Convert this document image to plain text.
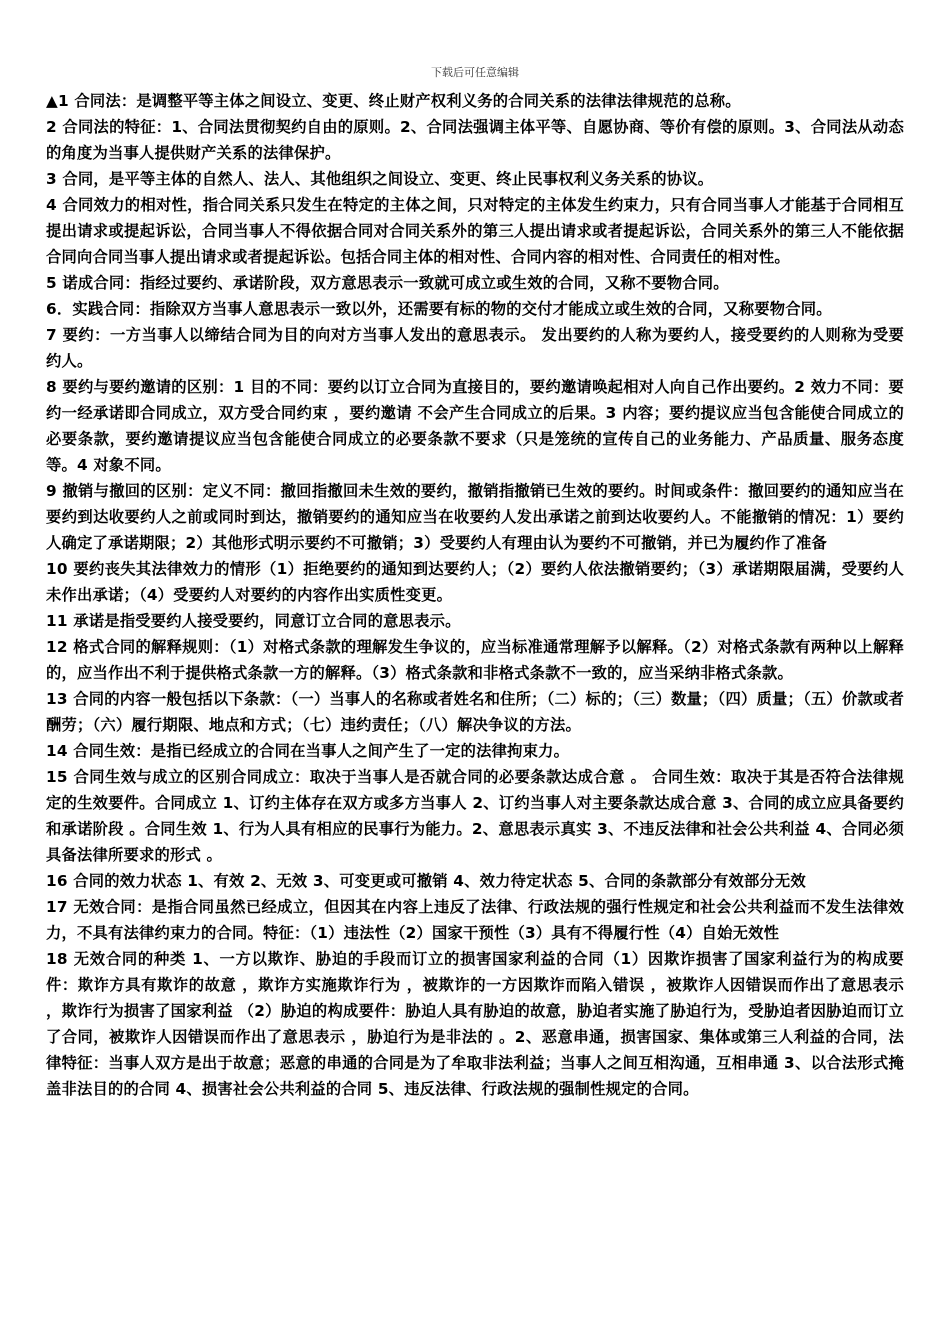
下载后可任意编辑

▲1 合同法：是调整平等主体之间设立、变更、终止财产权利义务的合同关系的法律法律规范的总称。

2 合同法的特征：1、合同法贯彻契约自由的原则。2、合同法强调主体平等、自愿协商、等价有偿的原则。3、合同法从动态的角度为当事人提供财产关系的法律保护。

3 合同，是平等主体的自然人、法人、其他组织之间设立、变更、终止民事权利义务关系的协议。

4 合同效力的相对性，指合同关系只发生在特定的主体之间，只对特定的主体发生约束力，只有合同当事人才能基于合同相互提出请求或提起诉讼，合同当事人不得依据合同对合同关系外的第三人提出请求或者提起诉讼，合同关系外的第三人不能依据合同向合同当事人提出请求或者提起诉讼。包括合同主体的相对性、合同内容的相对性、合同责任的相对性。

5 诺成合同：指经过要约、承诺阶段，双方意思表示一致就可成立或生效的合同，又称不要物合同。

6．实践合同：指除双方当事人意思表示一致以外，还需要有标的物的交付才能成立或生效的合同，又称要物合同。

7 要约：一方当事人以缔结合同为目的向对方当事人发出的意思表示。 发出要约的人称为要约人，接受要约的人则称为受要约人。

8 要约与要约邀请的区别：1 目的不同：要约以订立合同为直接目的，要约邀请唤起相对人向自己作出要约。2 效力不同：要约一经承诺即合同成立，双方受合同约束 ，要约邀请 不会产生合同成立的后果。3 内容；要约提议应当包含能使合同成立的必要条款，要约邀请提议应当包含能使合同成立的必要条款不要求（只是笼统的宣传自己的业务能力、产品质量、服务态度等。4 对象不同。

9 撤销与撤回的区别：定义不同：撤回指撤回未生效的要约，撤销指撤销已生效的要约。时间或条件：撤回要约的通知应当在要约到达收要约人之前或同时到达，撤销要约的通知应当在收要约人发出承诺之前到达收要约人。不能撤销的情况：1）要约人确定了承诺期限；2）其他形式明示要约不可撤销；3）受要约人有理由认为要约不可撤销，并已为履约作了准备

10 要约丧失其法律效力的情形（1）拒绝要约的通知到达要约人；（2）要约人依法撤销要约；（3）承诺期限届满，受要约人未作出承诺；（4）受要约人对要约的内容作出实质性变更。

11 承诺是指受要约人接受要约，同意订立合同的意思表示。

12 格式合同的解释规则：（1）对格式条款的理解发生争议的，应当标准通常理解予以解释。（2）对格式条款有两种以上解释的，应当作出不利于提供格式条款一方的解释。（3）格式条款和非格式条款不一致的，应当采纳非格式条款。

13 合同的内容一般包括以下条款：（一）当事人的名称或者姓名和住所；（二）标的；（三）数量；（四）质量；（五）价款或者酬劳；（六）履行期限、地点和方式；（七）违约责任；（八）解决争议的方法。

14 合同生效：是指已经成立的合同在当事人之间产生了一定的法律拘束力。

15 合同生效与成立的区别合同成立：取决于当事人是否就合同的必要条款达成合意 。 合同生效：取决于其是否符合法律规定的生效要件。合同成立 1、订约主体存在双方或多方当事人 2、订约当事人对主要条款达成合意 3、合同的成立应具备要约和承诺阶段 。合同生效 1、行为人具有相应的民事行为能力。2、意思表示真实 3、不违反法律和社会公共利益 4、合同必须具备法律所要求的形式 。

16 合同的效力状态 1、有效 2、无效 3、可变更或可撤销 4、效力待定状态 5、合同的条款部分有效部分无效

17 无效合同：是指合同虽然已经成立，但因其在内容上违反了法律、行政法规的强行性规定和社会公共利益而不发生法律效力，不具有法律约束力的合同。特征：（1）违法性（2）国家干预性（3）具有不得履行性（4）自始无效性

18 无效合同的种类 1、一方以欺诈、胁迫的手段而订立的损害国家利益的合同（1）因欺诈损害了国家利益行为的构成要件：欺诈方具有欺诈的故意 ，欺诈方实施欺诈行为 ，被欺诈的一方因欺诈而陷入错误 ，被欺诈人因错误而作出了意思表示 ，欺诈行为损害了国家利益 （2）胁迫的构成要件：胁迫人具有胁迫的故意，胁迫者实施了胁迫行为，受胁迫者因胁迫而订立了合同，被欺诈人因错误而作出了意思表示 ，胁迫行为是非法的 。2、恶意串通，损害国家、集体或第三人利益的合同，法律特征：当事人双方是出于故意；恶意的串通的合同是为了牟取非法利益；当事人之间互相沟通，互相串通 3、以合法形式掩盖非法目的的合同 4、损害社会公共利益的合同 5、违反法律、行政法规的强制性规定的合同。
